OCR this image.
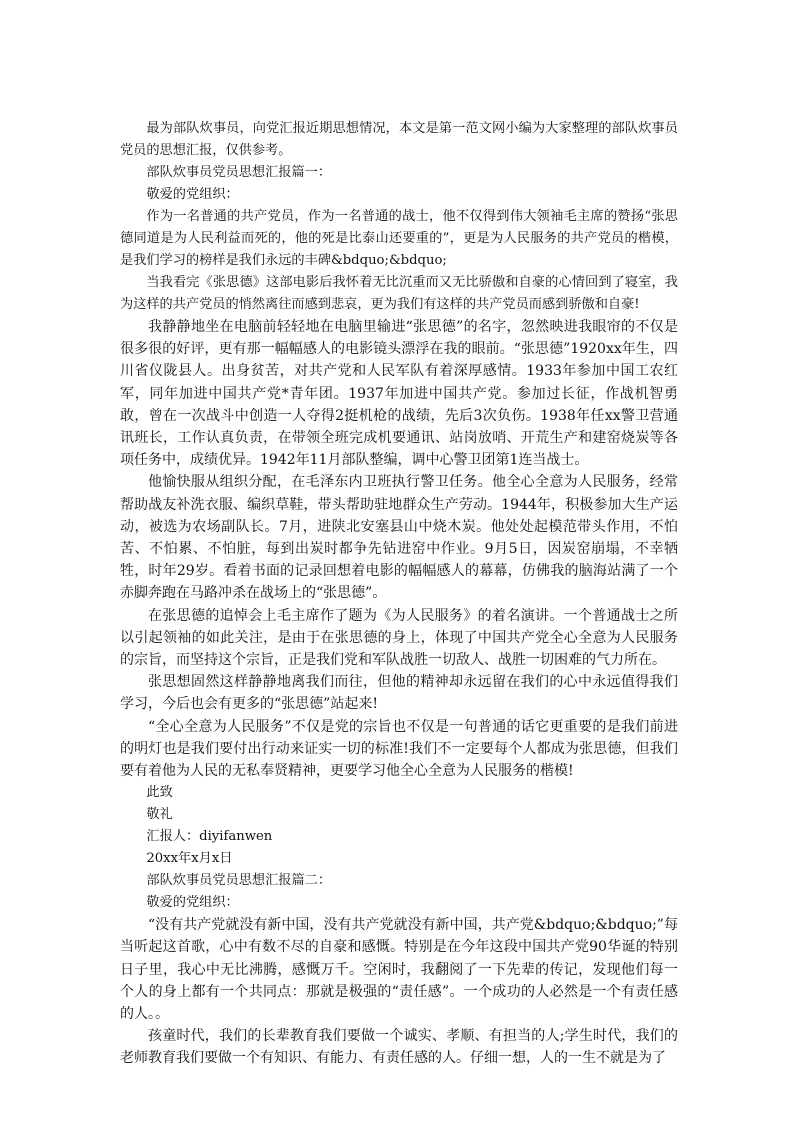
最为部队炊事员，向党汇报近期思想情况，本文是第一范文网小编为大家整理的部队炊事员党员的思想汇报，仅供参考。

部队炊事员党员思想汇报篇一：

敬爱的党组织：

作为一名普通的共产党员，作为一名普通的战士，他不仅得到伟大领袖毛主席的赞扬“张思德同道是为人民利益而死的，他的死是比泰山还要重的”，更是为人民服务的共产党员的楷模，是我们学习的榜样是我们永远的丰碑&bdquo;&bdquo;

当我看完《张思德》这部电影后我怀着无比沉重而又无比骄傲和自豪的心情回到了寝室，我为这样的共产党员的悄然离往而感到悲哀，更为我们有这样的共产党员而感到骄傲和自豪!

我静静地坐在电脑前轻轻地在电脑里输进“张思德”的名字，忽然映进我眼帘的不仅是很多很的好评，更有那一幅幅感人的电影镜头漂浮在我的眼前。“张思德”1920xx年生，四川省仪陇县人。出身贫苦，对共产党和人民军队有着深厚感情。1933年参加中国工农红军，同年加进中国共产党*青年团。1937年加进中国共产党。参加过长征，作战机智勇敢，曾在一次战斗中创造一人夺得2挺机枪的战绩，先后3次负伤。1938年任xx警卫营通讯班长，工作认真负责，在带领全班完成机要通讯、站岗放哨、开荒生产和建窑烧炭等各项任务中，成绩优异。1942年11月部队整编，调中心警卫团第1连当战士。

他愉快服从组织分配，在毛泽东内卫班执行警卫任务。他全心全意为人民服务，经常帮助战友补洗衣服、编织草鞋，带头帮助驻地群众生产劳动。1944年，积极参加大生产运动，被选为农场副队长。7月，进陕北安塞县山中烧木炭。他处处起模范带头作用，不怕苦、不怕累、不怕脏，每到出炭时都争先钻进窑中作业。9月5日，因炭窑崩塌，不幸牺牲，时年29岁。看着书面的记录回想着电影的幅幅感人的幕幕，仿佛我的脑海站满了一个赤脚奔跑在马路冲杀在战场上的“张思德”。

在张思德的追悼会上毛主席作了题为《为人民服务》的着名演讲。一个普通战士之所以引起领袖的如此关注，是由于在张思德的身上，体现了中国共产党全心全意为人民服务的宗旨，而坚持这个宗旨，正是我们党和军队战胜一切敌人、战胜一切困难的气力所在。

张思想固然这样静静地离我们而往，但他的精神却永远留在我们的心中永远值得我们学习，今后也会有更多的“张思德”站起来!

“全心全意为人民服务”不仅是党的宗旨也不仅是一句普通的话它更重要的是我们前进的明灯也是我们要付出行动来证实一切的标准!我们不一定要每个人都成为张思德，但我们要有着他为人民的无私奉贤精神，更要学习他全心全意为人民服务的楷模!

此致

敬礼

汇报人：diyifanwen

20xx年x月x日

部队炊事员党员思想汇报篇二：

敬爱的党组织：

“没有共产党就没有新中国，没有共产党就没有新中国，共产党&bdquo;&bdquo;”每当听起这首歌，心中有数不尽的自豪和感慨。特别是在今年这段中国共产党90华诞的特别日子里，我心中无比沸腾，感慨万千。空闲时，我翻阅了一下先辈的传记，发现他们每一个人的身上都有一个共同点：那就是极强的“责任感”。一个成功的人必然是一个有责任感的人。。

孩童时代，我们的长辈教育我们要做一个诚实、孝顺、有担当的人;学生时代，我们的老师教育我们要做一个有知识、有能力、有责任感的人。仔细一想，人的一生不就是为了
